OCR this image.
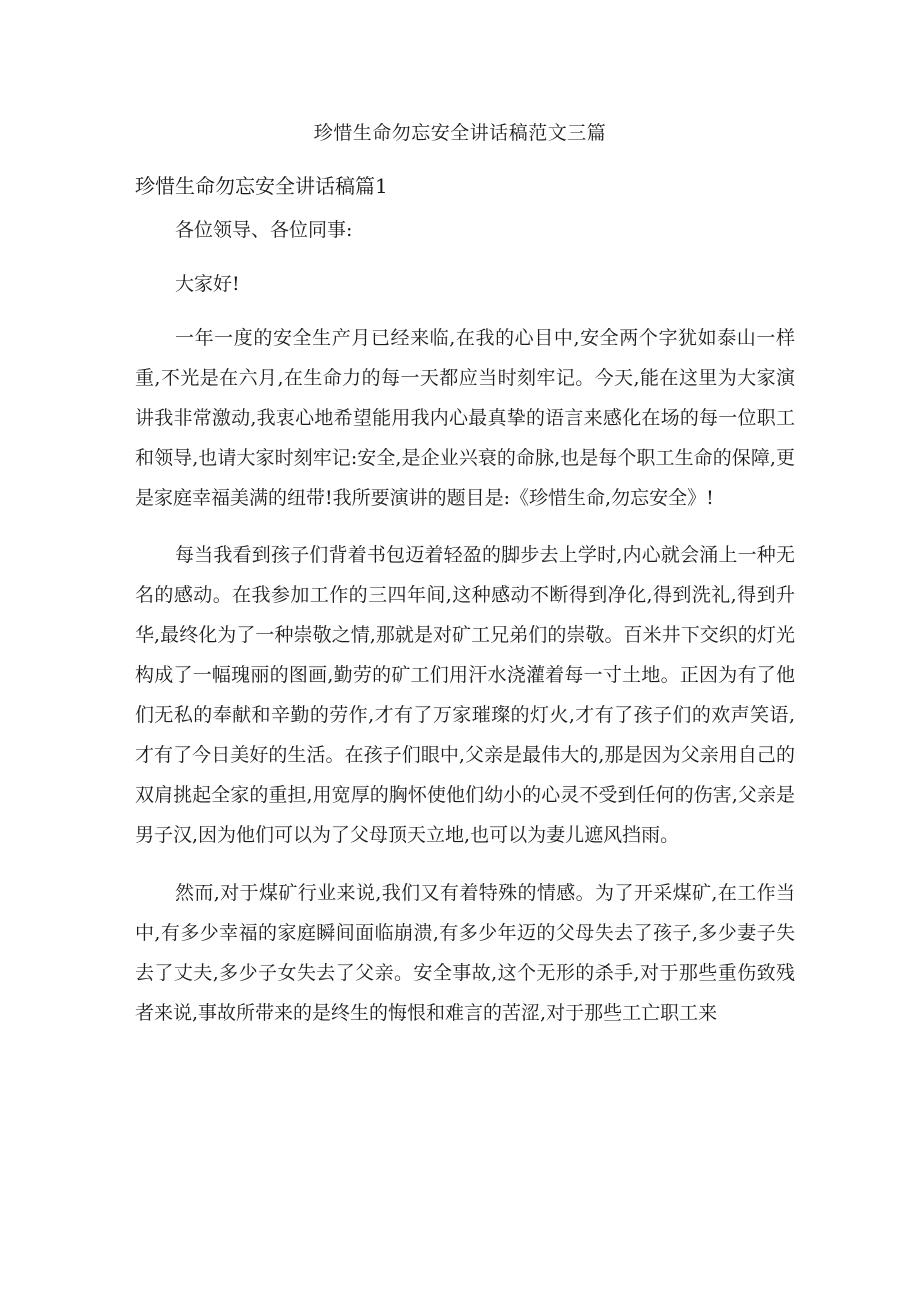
珍惜生命勿忘安全讲话稿范文三篇
珍惜生命勿忘安全讲话稿篇1

各位领导、各位同事:

大家好!

一年一度的安全生产月已经来临,在我的心目中,安全两个字犹如泰山一样重,不光是在六月,在生命力的每一天都应当时刻牢记。今天,能在这里为大家演讲我非常激动,我衷心地希望能用我内心最真挚的语言来感化在场的每一位职工和领导,也请大家时刻牢记:安全,是企业兴衰的命脉,也是每个职工生命的保障,更是家庭幸福美满的纽带!我所要演讲的题目是:《珍惜生命,勿忘安全》!

每当我看到孩子们背着书包迈着轻盈的脚步去上学时,内心就会涌上一种无名的感动。在我参加工作的三四年间,这种感动不断得到净化,得到洗礼,得到升华,最终化为了一种崇敬之情,那就是对矿工兄弟们的崇敬。百米井下交织的灯光构成了一幅瑰丽的图画,勤劳的矿工们用汗水浇灌着每一寸土地。正因为有了他们无私的奉献和辛勤的劳作,才有了万家璀璨的灯火,才有了孩子们的欢声笑语,才有了今日美好的生活。在孩子们眼中,父亲是最伟大的,那是因为父亲用自己的双肩挑起全家的重担,用宽厚的胸怀使他们幼小的心灵不受到任何的伤害,父亲是男子汉,因为他们可以为了父母顶天立地,也可以为妻儿遮风挡雨。

然而,对于煤矿行业来说,我们又有着特殊的情感。为了开采煤矿,在工作当中,有多少幸福的家庭瞬间面临崩溃,有多少年迈的父母失去了孩子,多少妻子失去了丈夫,多少子女失去了父亲。安全事故,这个无形的杀手,对于那些重伤致残者来说,事故所带来的是终生的悔恨和难言的苦涩,对于那些工亡职工来
